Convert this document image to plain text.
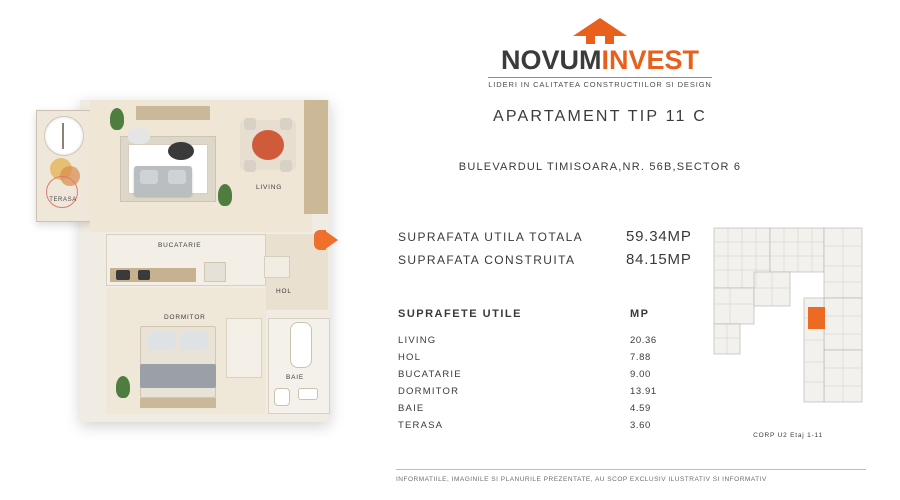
TERASA
LIVING
BUCATARIE
HOL
DORMITOR
BAIE
NOVUMINVEST
LIDERI IN CALITATEA CONSTRUCTIILOR SI DESIGN
APARTAMENT TIP 11 C
BULEVARDUL TIMISOARA,NR. 56B,SECTOR 6
SUPRAFATA UTILA TOTALA	59.34MP
SUPRAFATA CONSTRUITA	84.15MP
SUPRAFETE UTILE	MP
LIVING	20.36
HOL	7.88
BUCATARIE	9.00
DORMITOR	13.91
BAIE	4.59
TERASA	3.60
CORP U2 Etaj 1-11
INFORMATIILE, IMAGINILE SI PLANURILE PREZENTATE, AU SCOP EXCLUSIV ILUSTRATIV SI INFORMATIV
